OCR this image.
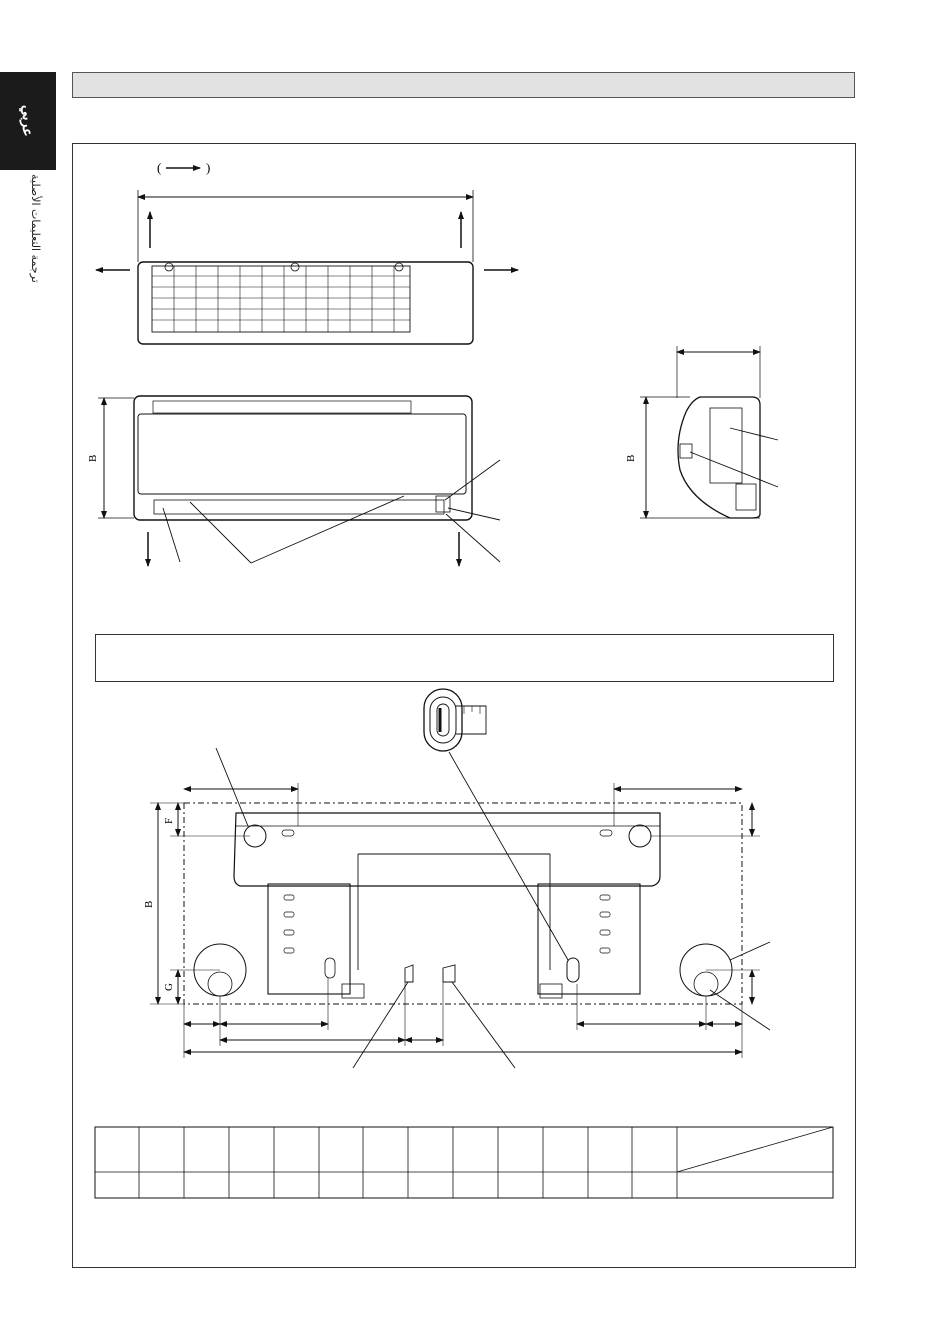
عربي
ترجمة التعليمات الأصلية
(	)
B	B
B
F
G
